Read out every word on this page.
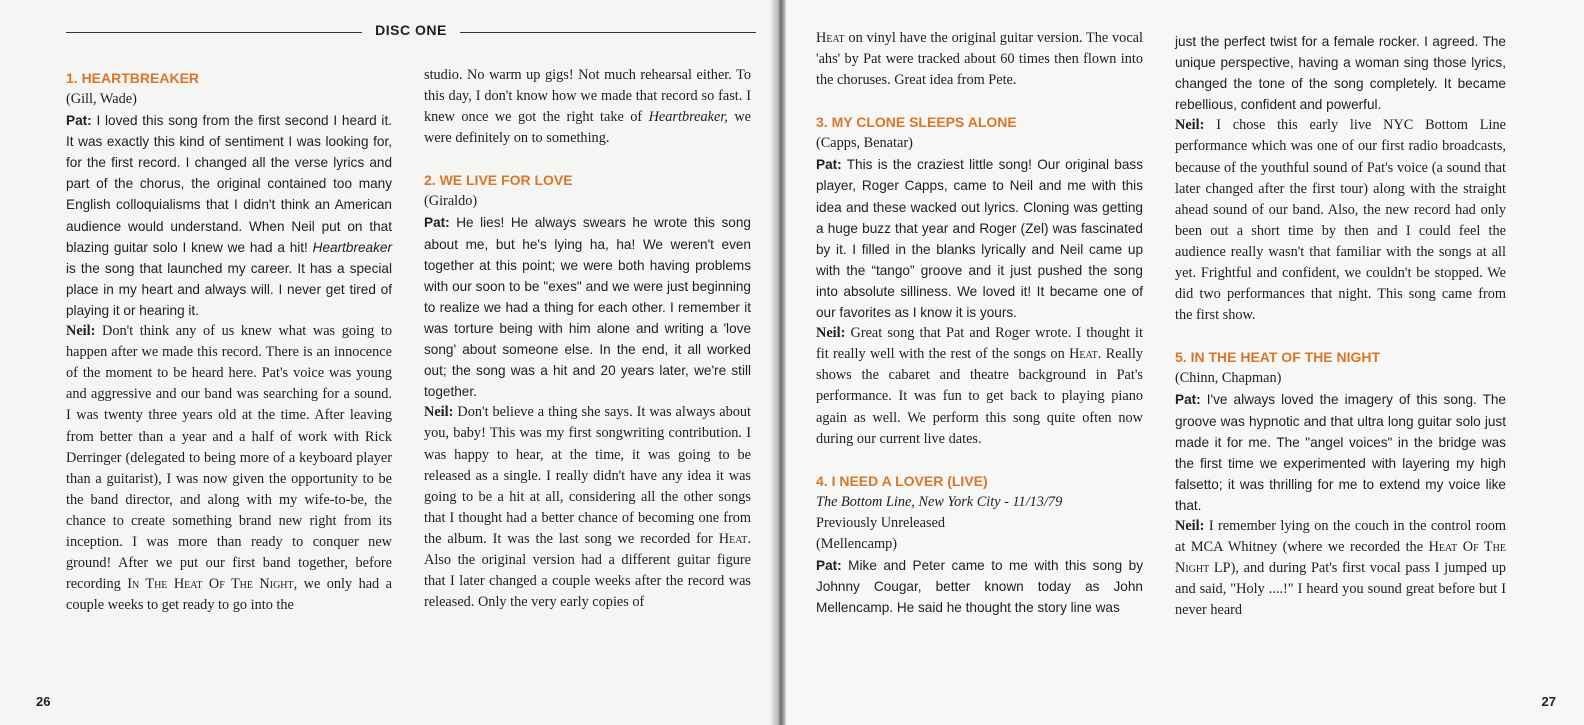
DISC ONE

1. HEARTBREAKER

(Gill, Wade)

Pat: I loved this song from the first second I heard it. It was exactly this kind of sentiment I was looking for, for the first record. I changed all the verse lyrics and part of the chorus, the original contained too many English colloquialisms that I didn't think an American audience would understand. When Neil put on that blazing guitar solo I knew we had a hit! Heartbreaker is the song that launched my career. It has a special place in my heart and always will. I never get tired of playing it or hearing it.

Neil: Don't think any of us knew what was going to happen after we made this record. There is an innocence of the moment to be heard here. Pat's voice was young and aggressive and our band was searching for a sound. I was twenty three years old at the time. After leaving from better than a year and a half of work with Rick Derringer (delegated to being more of a keyboard player than a guitarist), I was now given the opportunity to be the band director, and along with my wife-to-be, the chance to create something brand new right from its inception. I was more than ready to conquer new ground! After we put our first band together, before recording In The Heat Of The Night, we only had a couple weeks to get ready to go into the

studio. No warm up gigs! Not much rehearsal either. To this day, I don't know how we made that record so fast. I knew once we got the right take of Heartbreaker, we were definitely on to something.

2. WE LIVE FOR LOVE

(Giraldo)

Pat: He lies! He always swears he wrote this song about me, but he's lying ha, ha! We weren't even together at this point; we were both having problems with our soon to be "exes" and we were just beginning to realize we had a thing for each other. I remember it was torture being with him alone and writing a 'love song' about someone else. In the end, it all worked out; the song was a hit and 20 years later, we're still together.

Neil: Don't believe a thing she says. It was always about you, baby! This was my first songwriting contribution. I was happy to hear, at the time, it was going to be released as a single. I really didn't have any idea it was going to be a hit at all, considering all the other songs that I thought had a better chance of becoming one from the album. It was the last song we recorded for Heat. Also the original version had a different guitar figure that I later changed a couple weeks after the record was released. Only the very early copies of

26

Heat on vinyl have the original guitar version. The vocal 'ahs' by Pat were tracked about 60 times then flown into the choruses. Great idea from Pete.

3. MY CLONE SLEEPS ALONE

(Capps, Benatar)

Pat: This is the craziest little song! Our original bass player, Roger Capps, came to Neil and me with this idea and these wacked out lyrics. Cloning was getting a huge buzz that year and Roger (Zel) was fascinated by it. I filled in the blanks lyrically and Neil came up with the “tango” groove and it just pushed the song into absolute silliness. We loved it! It became one of our favorites as I know it is yours.

Neil: Great song that Pat and Roger wrote. I thought it fit really well with the rest of the songs on Heat. Really shows the cabaret and theatre background in Pat's performance. It was fun to get back to playing piano again as well. We perform this song quite often now during our current live dates.

4. I NEED A LOVER (LIVE)

The Bottom Line, New York City - 11/13/79

Previously Unreleased

(Mellencamp)

Pat: Mike and Peter came to me with this song by Johnny Cougar, better known today as John Mellencamp. He said he thought the story line was

just the perfect twist for a female rocker. I agreed. The unique perspective, having a woman sing those lyrics, changed the tone of the song completely. It became rebellious, confident and powerful.

Neil: I chose this early live NYC Bottom Line performance which was one of our first radio broadcasts, because of the youthful sound of Pat's voice (a sound that later changed after the first tour) along with the straight ahead sound of our band. Also, the new record had only been out a short time by then and I could feel the audience really wasn't that familiar with the songs at all yet. Frightful and confident, we couldn't be stopped. We did two performances that night. This song came from the first show.

5. IN THE HEAT OF THE NIGHT

(Chinn, Chapman)

Pat: I've always loved the imagery of this song. The groove was hypnotic and that ultra long guitar solo just made it for me. The "angel voices" in the bridge was the first time we experimented with layering my high falsetto; it was thrilling for me to extend my voice like that.

Neil: I remember lying on the couch in the control room at MCA Whitney (where we recorded the Heat Of The Night LP), and during Pat's first vocal pass I jumped up and said, "Holy ....!" I heard you sound great before but I never heard

27
